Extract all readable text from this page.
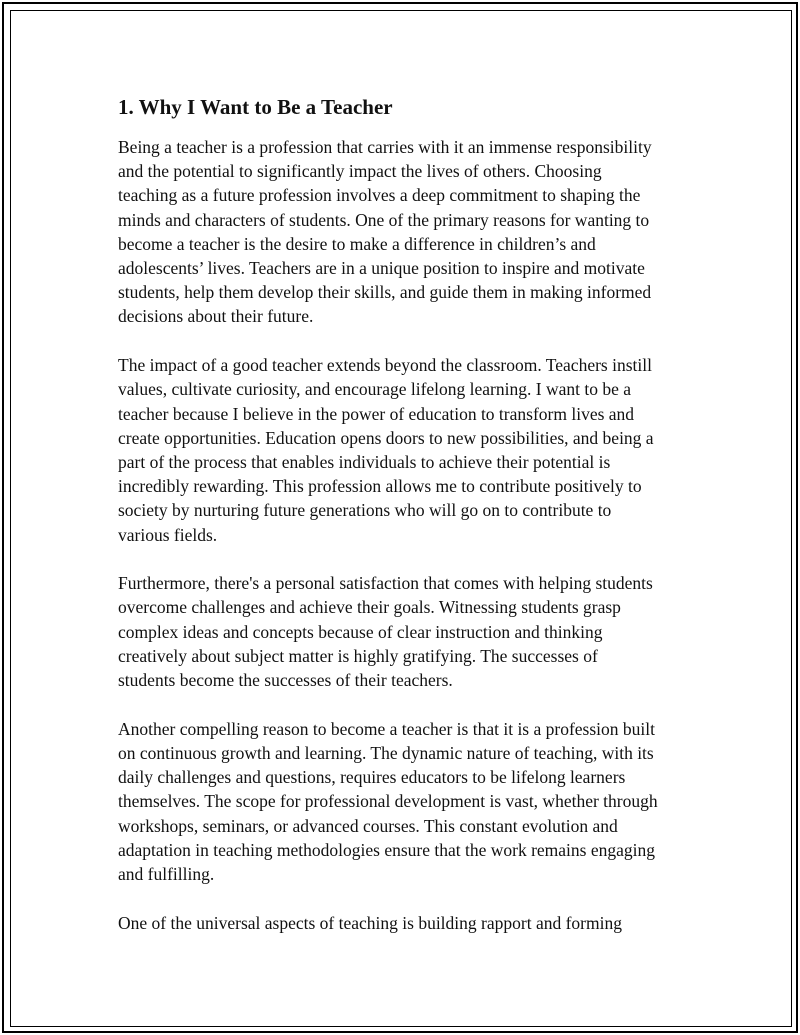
1. Why I Want to Be a Teacher

Being a teacher is a profession that carries with it an immense responsibility
and the potential to significantly impact the lives of others. Choosing
teaching as a future profession involves a deep commitment to shaping the
minds and characters of students. One of the primary reasons for wanting to
become a teacher is the desire to make a difference in children’s and
adolescents’ lives. Teachers are in a unique position to inspire and motivate
students, help them develop their skills, and guide them in making informed
decisions about their future.

The impact of a good teacher extends beyond the classroom. Teachers instill
values, cultivate curiosity, and encourage lifelong learning. I want to be a
teacher because I believe in the power of education to transform lives and
create opportunities. Education opens doors to new possibilities, and being a
part of the process that enables individuals to achieve their potential is
incredibly rewarding. This profession allows me to contribute positively to
society by nurturing future generations who will go on to contribute to
various fields.

Furthermore, there's a personal satisfaction that comes with helping students
overcome challenges and achieve their goals. Witnessing students grasp
complex ideas and concepts because of clear instruction and thinking
creatively about subject matter is highly gratifying. The successes of
students become the successes of their teachers.

Another compelling reason to become a teacher is that it is a profession built
on continuous growth and learning. The dynamic nature of teaching, with its
daily challenges and questions, requires educators to be lifelong learners
themselves. The scope for professional development is vast, whether through
workshops, seminars, or advanced courses. This constant evolution and
adaptation in teaching methodologies ensure that the work remains engaging
and fulfilling.

One of the universal aspects of teaching is building rapport and forming
